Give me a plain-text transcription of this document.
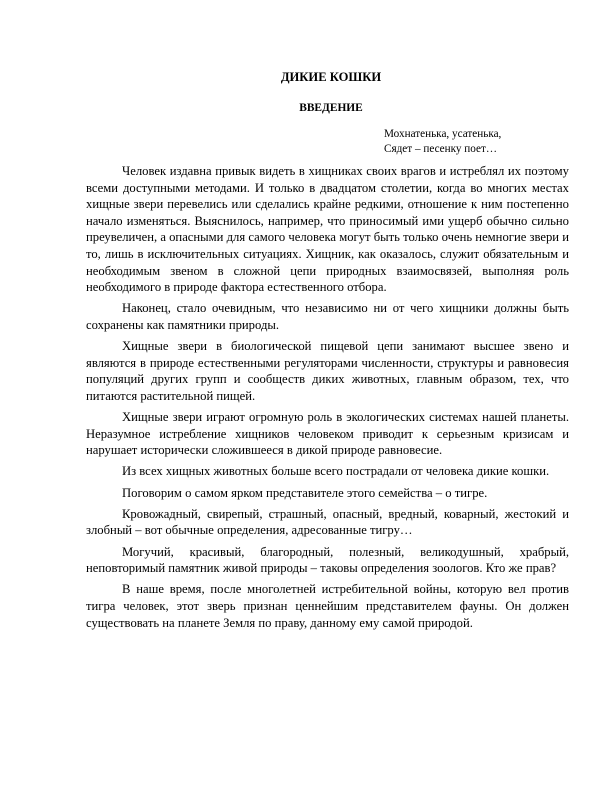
ДИКИЕ КОШКИ
ВВЕДЕНИЕ
Мохнатенька, усатенька,
Сядет – песенку поет…

Человек издавна привык видеть в хищниках своих врагов и истреблял их поэтому всеми доступными методами. И только в двадцатом столетии, когда во многих местах хищные звери перевелись или сделались крайне редкими, отношение к ним постепенно начало изменяться. Выяснилось, например, что приносимый ими ущерб обычно сильно преувеличен, а опасными для самого человека могут быть только очень немногие звери и то, лишь в исключительных ситуациях. Хищник, как оказалось, служит обязательным и необходимым звеном в сложной цепи природных взаимосвязей, выполняя роль необходимого в природе фактора естественного отбора.

Наконец, стало очевидным, что независимо ни от чего хищники должны быть сохранены как памятники природы.

Хищные звери в биологической пищевой цепи занимают высшее звено и являются в природе естественными регуляторами численности, структуры и равновесия популяций других групп и сообществ диких животных, главным образом, тех, что питаются растительной пищей.

Хищные звери играют огромную роль в экологических системах нашей планеты. Неразумное истребление хищников человеком приводит к серьезным кризисам и нарушает исторически сложившееся в дикой природе равновесие.

Из всех хищных животных больше всего пострадали от человека дикие кошки.

Поговорим о самом ярком представителе этого семейства – о тигре.

Кровожадный, свирепый, страшный, опасный, вредный, коварный, жестокий и злобный – вот обычные определения, адресованные тигру…

Могучий, красивый, благородный, полезный, великодушный, храбрый, неповторимый памятник живой природы – таковы определения зоологов. Кто же прав?

В наше время, после многолетней истребительной войны, которую вел против тигра человек, этот зверь признан ценнейшим представителем фауны. Он должен существовать на планете Земля по праву, данному ему самой природой.
